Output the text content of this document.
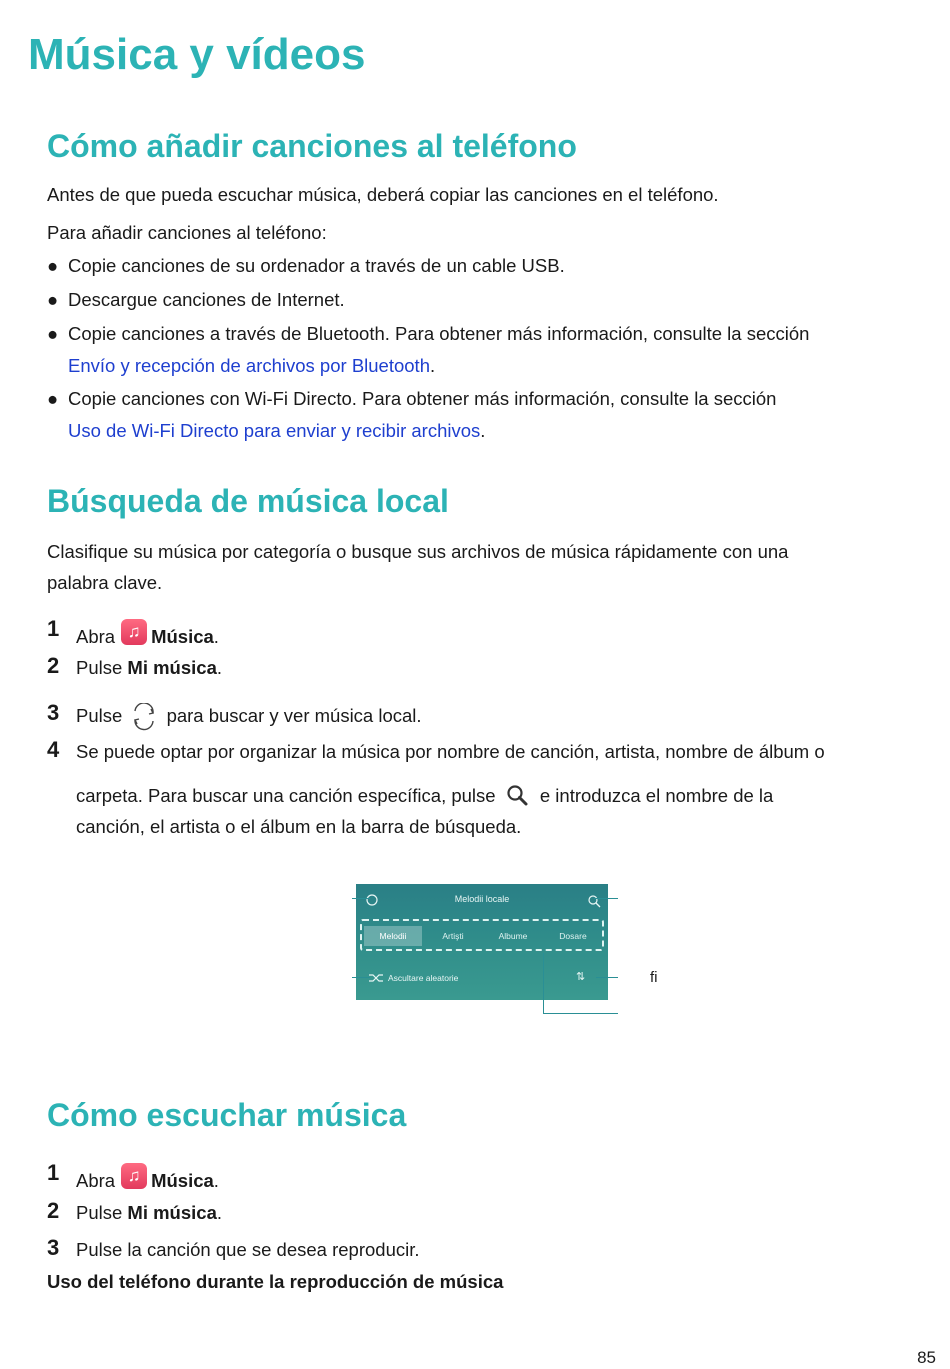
Música y vídeos
Cómo añadir canciones al teléfono

Antes de que pueda escuchar música, deberá copiar las canciones en el teléfono.

Para añadir canciones al teléfono:

● Copie canciones de su ordenador a través de un cable USB.
● Descargue canciones de Internet.
● Copie canciones a través de Bluetooth. Para obtener más información, consulte la sección
Envío y recepción de archivos por Bluetooth.
● Copie canciones con Wi-Fi Directo. Para obtener más información, consulte la sección
Uso de Wi-Fi Directo para enviar y recibir archivos.
Búsqueda de música local

Clasifique su música por categoría o busque sus archivos de música rápidamente con una

palabra clave.

1 Abra ♫ Música.
2 Pulse Mi música.
3 Pulse para buscar y ver música local.
4 Se puede optar por organizar la música por nombre de canción, artista, nombre de álbum o
carpeta. Para buscar una canción específica, pulse e introduzca el nombre de la
canción, el artista o el álbum en la barra de búsqueda.
Melodii locale
Melodii	Artişti	Albume	Dosare
Ascultare aleatorie	⇅	ﬁ
Cómo escuchar música
1 Abra ♫ Música.
2 Pulse Mi música.
3 Pulse la canción que se desea reproducir.
Uso del teléfono durante la reproducción de música
85
